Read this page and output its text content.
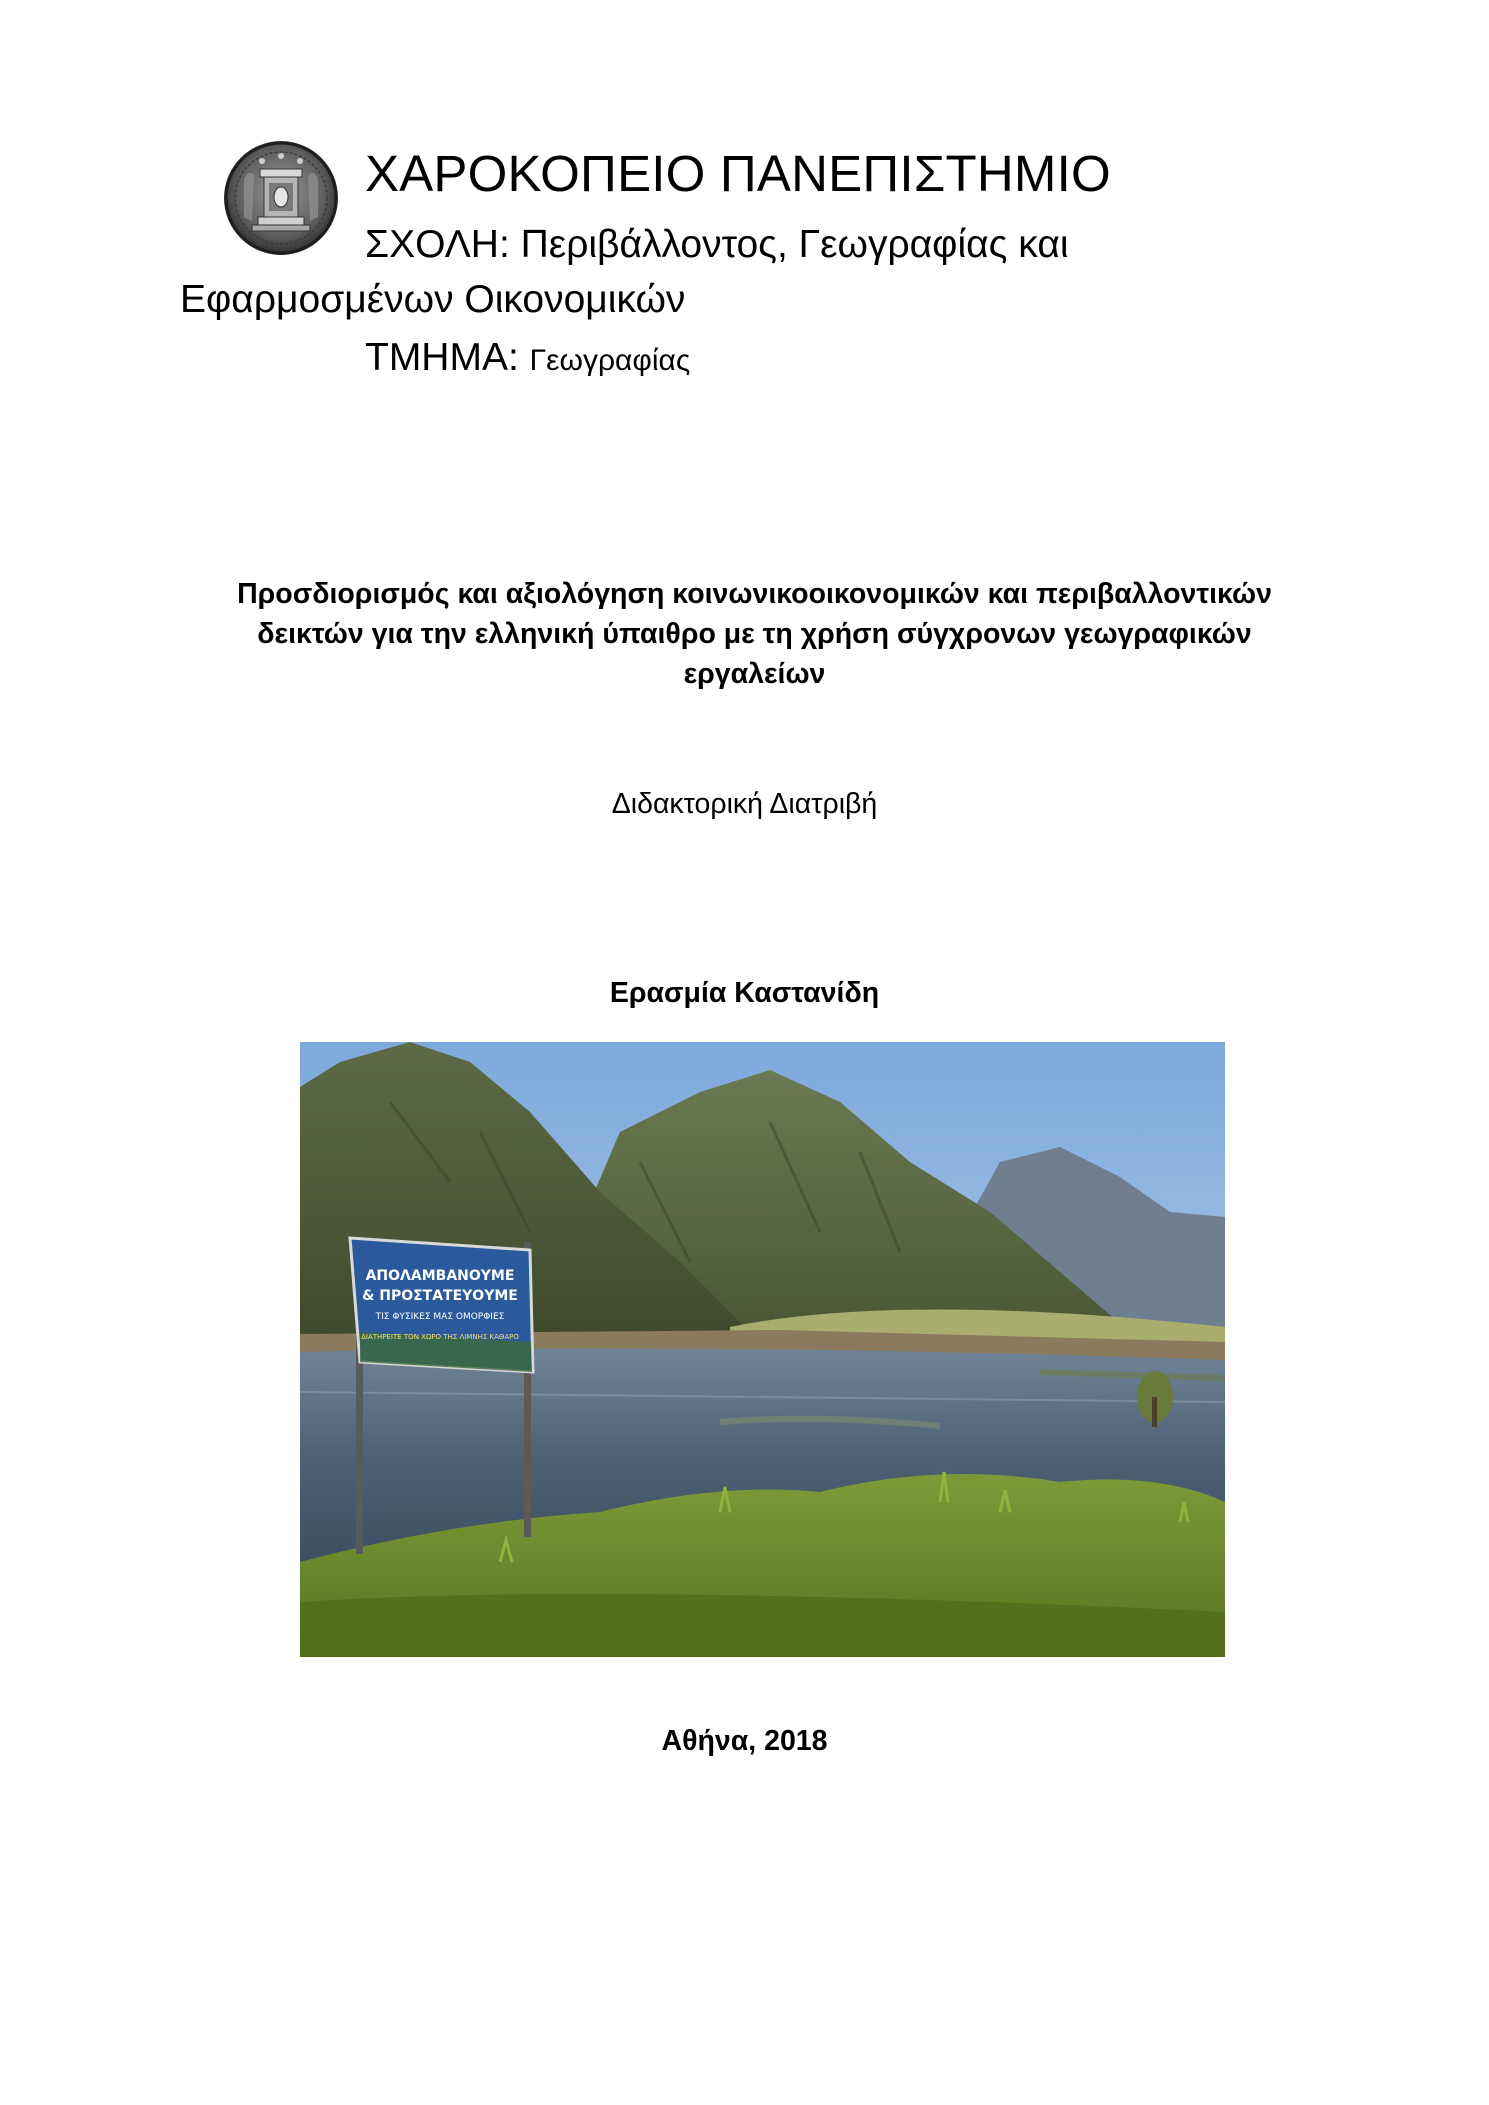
ΧΑΡΟΚΟΠΕΙΟ ΠΑΝΕΠΙΣΤΗΜΙΟ
ΣΧΟΛΗ: Περιβάλλοντος, Γεωγραφίας και
Εφαρμοσμένων Οικονομικών
ΤΜΗΜΑ: Γεωγραφίας
Προσδιορισμός και αξιολόγηση κοινωνικοοικονομικών και περιβαλλοντικών
δεικτών για την ελληνική ύπαιθρο με τη χρήση σύγχρονων γεωγραφικών
εργαλείων
Διδακτορική Διατριβή
Ερασμία Καστανίδη
ΑΠΟΛΑΜΒΑΝΟΥΜΕ
& ΠΡΟΣΤΑΤΕΥΟΥΜΕ
ΤΙΣ ΦΥΣΙΚΕΣ ΜΑΣ ΟΜΟΡΦΙΕΣ
ΔΙΑΤΗΡΕΙΤΕ ΤΟΝ ΧΩΡΟ ΤΗΣ ΛΙΜΝΗΣ ΚΑΘΑΡΟ
Αθήνα, 2018
